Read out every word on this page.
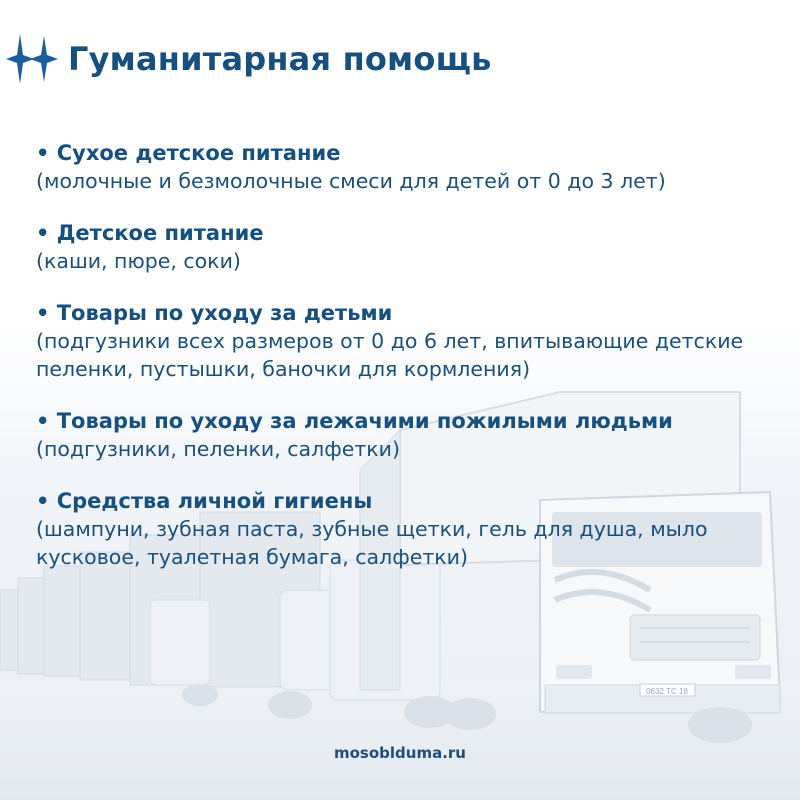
0632 ТС 18
Гуманитарная помощь
• Сухое детское питание
(молочные и безмолочные смеси для детей от 0 до 3 лет)
• Детское питание
(каши, пюре, соки)
• Товары по уходу за детьми
(подгузники всех размеров от 0 до 6 лет, впитывающие детские пеленки, пустышки, баночки для кормления)
• Товары по уходу за лежачими пожилыми людьми
(подгузники, пеленки, салфетки)
• Средства личной гигиены
(шампуни, зубная паста, зубные щетки, гель для душа, мыло кусковое, туалетная бумага, салфетки)
mosoblduma.ru
